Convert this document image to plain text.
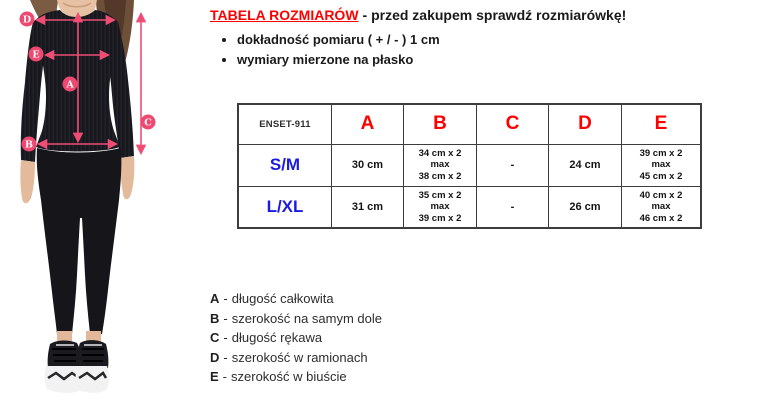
D
E
A
B
C
TABELA ROZMIARÓW - przed zakupem sprawdź rozmiarówkę!
• dokładność pomiaru ( + / - ) 1 cm
• wymiary mierzone na płasko
ENSET-911	A	B	C	D	E
S/M	30 cm	34 cm x 2
max
38 cm x 2	-	24 cm	39 cm x 2
max
45 cm x 2

L/XL	31 cm	35 cm x 2
max
39 cm x 2	-	26 cm	40 cm x 2
max
46 cm x 2
A - długość całkowita
B - szerokość na samym dole
C - długość rękawa
D - szerokość w ramionach
E - szerokość w biuście
